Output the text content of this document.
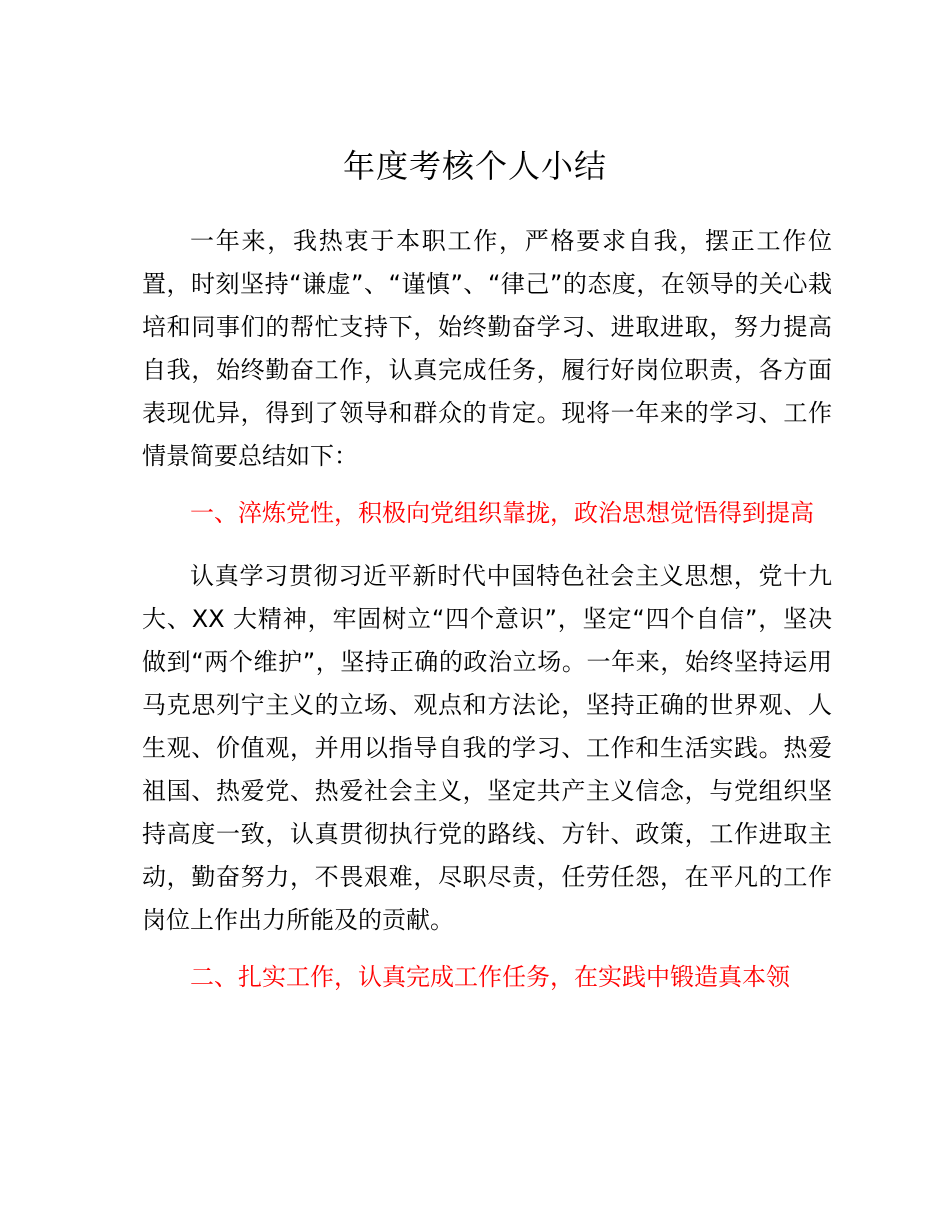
年度考核个人小结

一年来，我热衷于本职工作，严格要求自我，摆正工作位置，时刻坚持“谦虚”、“谨慎”、“律己”的态度，在领导的关心栽培和同事们的帮忙支持下，始终勤奋学习、进取进取，努力提高自我，始终勤奋工作，认真完成任务，履行好岗位职责，各方面表现优异，得到了领导和群众的肯定。现将一年来的学习、工作情景简要总结如下：

一、淬炼党性，积极向党组织靠拢，政治思想觉悟得到提高

认真学习贯彻习近平新时代中国特色社会主义思想，党十九大、XX 大精神，牢固树立“四个意识”，坚定“四个自信”，坚决做到“两个维护”，坚持正确的政治立场。一年来，始终坚持运用马克思列宁主义的立场、观点和方法论，坚持正确的世界观、人生观、价值观，并用以指导自我的学习、工作和生活实践。热爱祖国、热爱党、热爱社会主义，坚定共产主义信念，与党组织坚持高度一致，认真贯彻执行党的路线、方针、政策，工作进取主动，勤奋努力，不畏艰难，尽职尽责，任劳任怨，在平凡的工作岗位上作出力所能及的贡献。

二、扎实工作，认真完成工作任务，在实践中锻造真本领
